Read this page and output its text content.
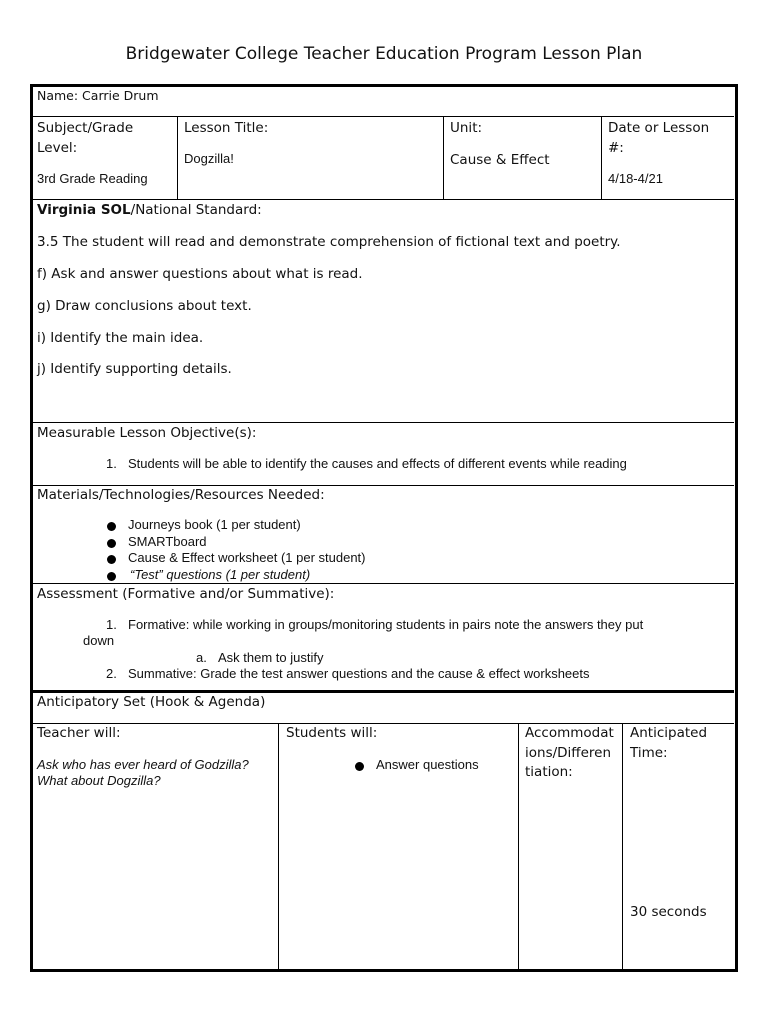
Bridgewater College Teacher Education Program Lesson Plan
Name: Carrie Drum
Subject/Grade
Level:
3rd Grade Reading
Lesson Title:
Dogzilla!
Unit:
Cause & Effect
Date or Lesson
#:
4/18-4/21
Virginia SOL/National Standard:
3.5 The student will read and demonstrate comprehension of fictional text and poetry.
f) Ask and answer questions about what is read.
g) Draw conclusions about text.
i) Identify the main idea.
j) Identify supporting details.
Measurable Lesson Objective(s):
1. Students will be able to identify the causes and effects of different events while reading
Materials/Technologies/Resources Needed:
Journeys book (1 per student)
SMARTboard
Cause & Effect worksheet (1 per student)
“Test” questions (1 per student)
Assessment (Formative and/or Summative):
1. Formative: while working in groups/monitoring students in pairs note the answers they put
down
a. Ask them to justify
2. Summative: Grade the test answer questions and the cause & effect worksheets
Anticipatory Set (Hook & Agenda)
Teacher will:
Ask who has ever heard of Godzilla?
What about Dogzilla?
Students will:
Answer questions
Accommodat
ions/Differen
tiation:
Anticipated
Time:
30 seconds
